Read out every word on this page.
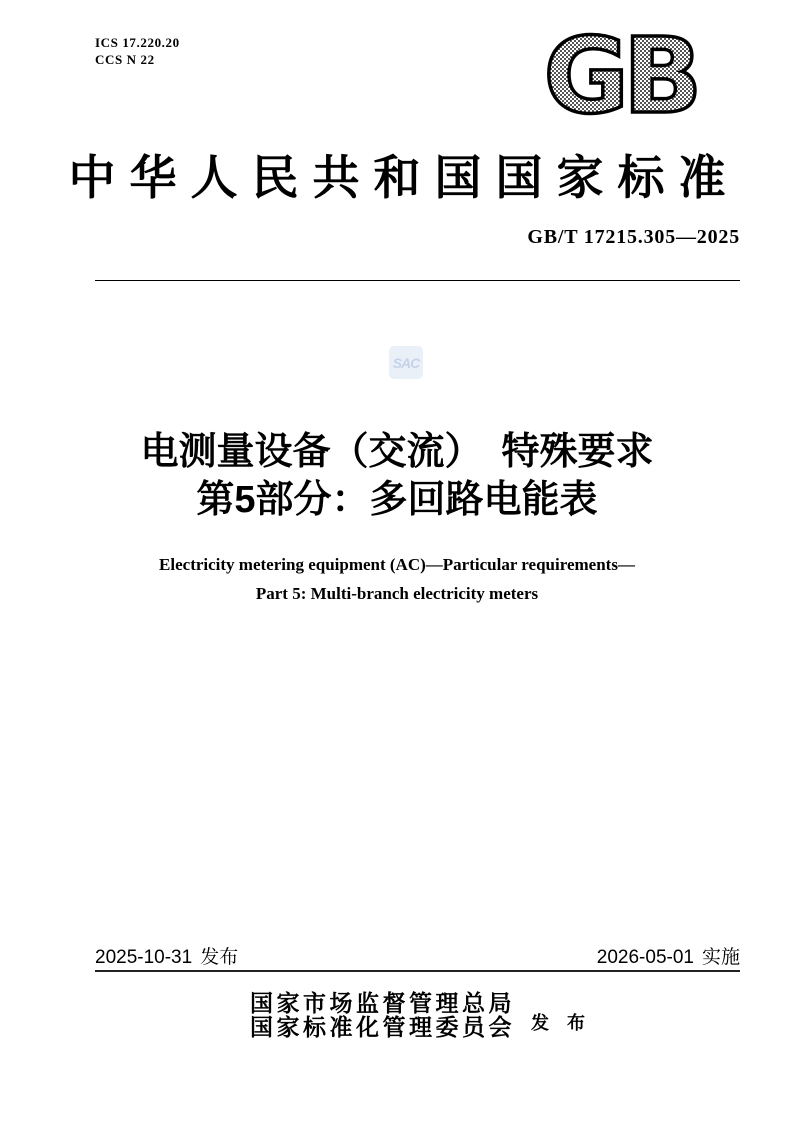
ICS 17.220.20
CCS N 22	GB
中华人民共和国国家标准
GB/T 17215.305—2025
SAC
电测量设备（交流）　特殊要求
第5部分：多回路电能表
Electricity metering equipment (AC)—Particular requirements—
Part 5: Multi-branch electricity meters
2025-10-31 发布	2026-05-01 实施
国家市场监督管理总局
国家标准化管理委员会 发　布
